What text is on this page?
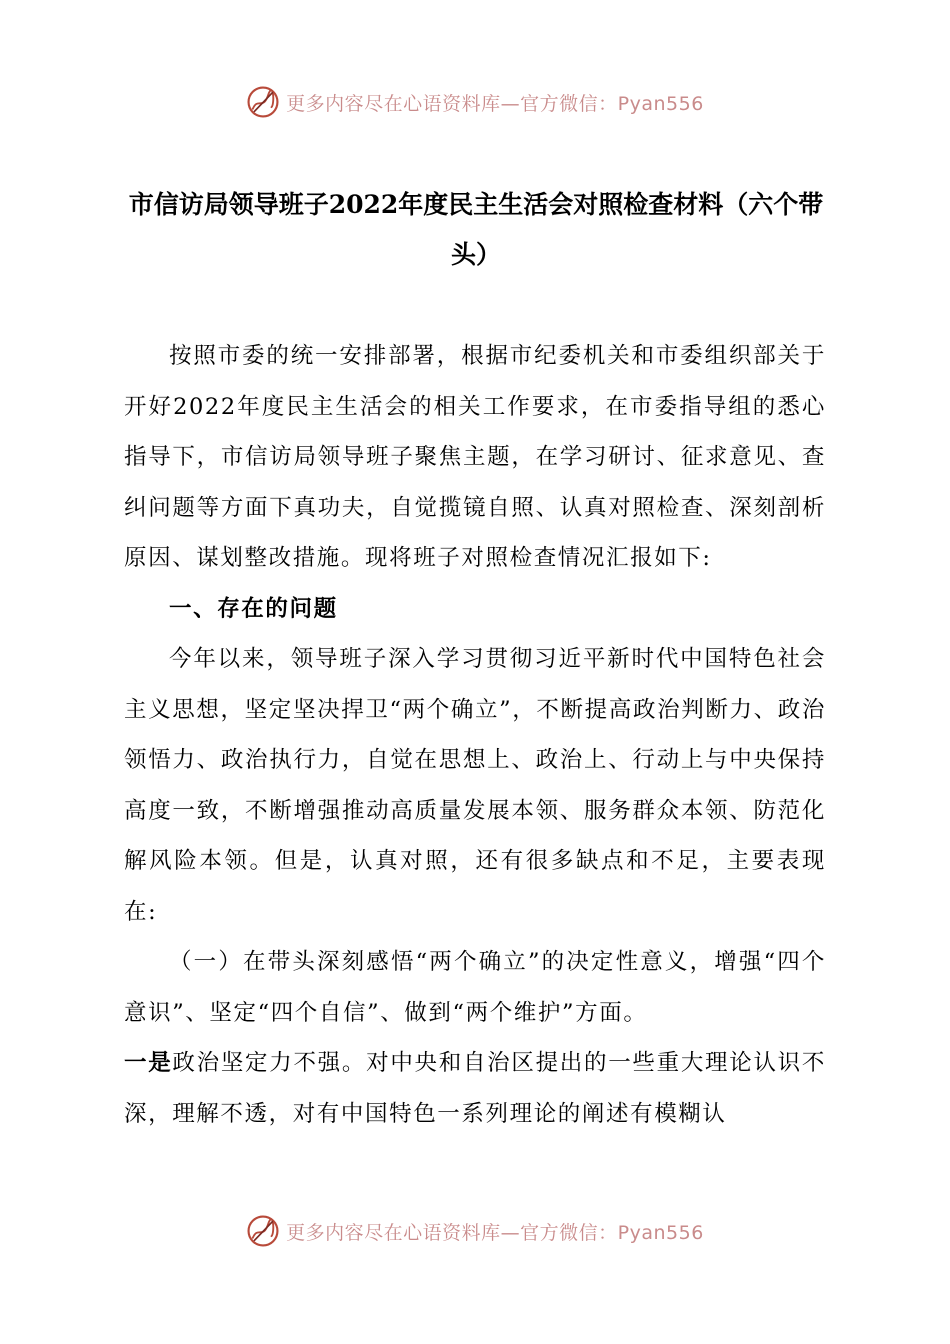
更多内容尽在心语资料库—官方微信：Pyan556
市信访局领导班子2022年度民主生活会对照检查材料（六个带头）

按照市委的统一安排部署，根据市纪委机关和市委组织部关于开好2022年度民主生活会的相关工作要求，在市委指导组的悉心指导下，市信访局领导班子聚焦主题，在学习研讨、征求意见、查纠问题等方面下真功夫，自觉揽镜自照、认真对照检查、深刻剖析原因、谋划整改措施。现将班子对照检查情况汇报如下:

一、存在的问题

今年以来，领导班子深入学习贯彻习近平新时代中国特色社会主义思想，坚定坚决捍卫“两个确立”，不断提高政治判断力、政治领悟力、政治执行力，自觉在思想上、政治上、行动上与中央保持高度一致，不断增强推动高质量发展本领、服务群众本领、防范化解风险本领。但是，认真对照，还有很多缺点和不足，主要表现在:

（一）在带头深刻感悟“两个确立”的决定性意义，增强“四个意识”、坚定“四个自信”、做到“两个维护”方面。

一是政治坚定力不强。对中央和自治区提出的一些重大理论认识不深，理解不透，对有中国特色一系列理论的阐述有模糊认

更多内容尽在心语资料库—官方微信：Pyan556
